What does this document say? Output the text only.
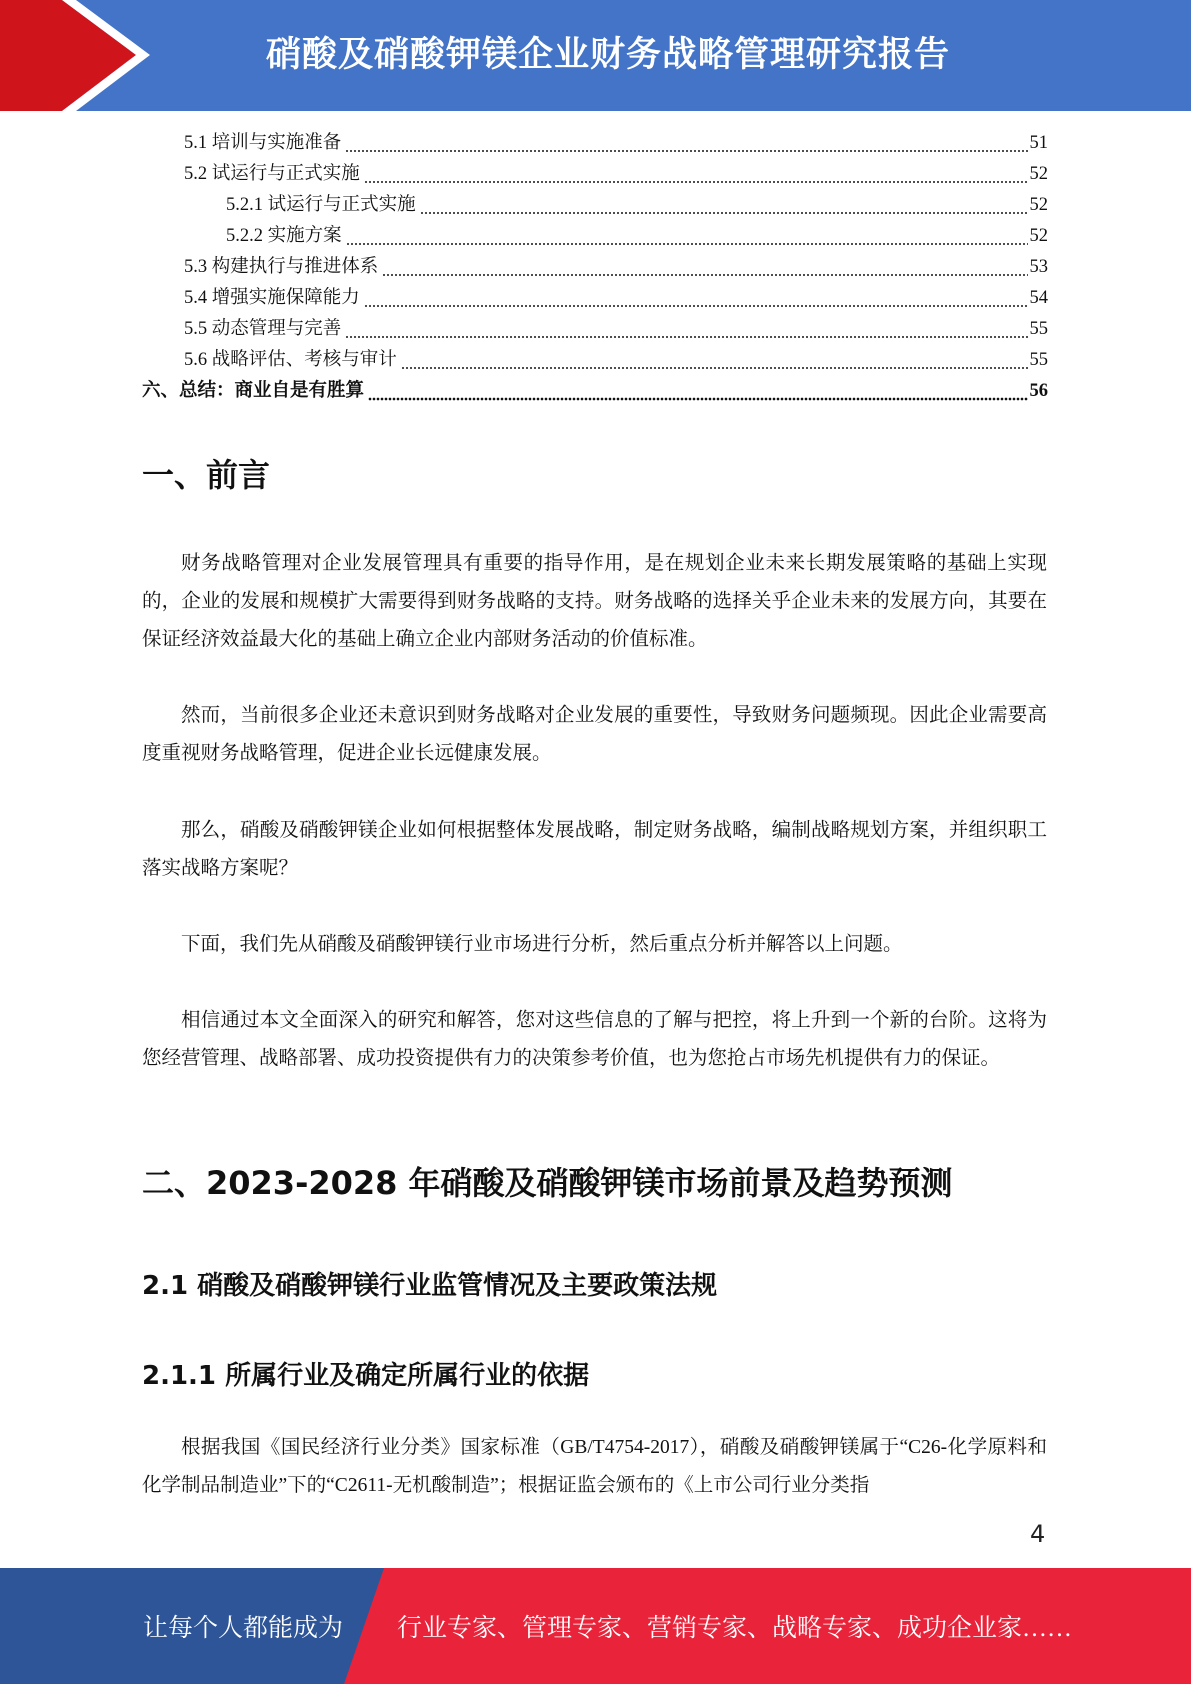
硝酸及硝酸钾镁企业财务战略管理研究报告
5.1 培训与实施准备	51
5.2 试运行与正式实施	52
5.2.1 试运行与正式实施	52
5.2.2 实施方案	52
5.3 构建执行与推进体系	53
5.4 增强实施保障能力	54
5.5 动态管理与完善	55
5.6 战略评估、考核与审计	55
六、总结：商业自是有胜算	56
一、前言
财务战略管理对企业发展管理具有重要的指导作用，是在规划企业未来长期发展策略的基础上实现的，企业的发展和规模扩大需要得到财务战略的支持。财务战略的选择关乎企业未来的发展方向，其要在保证经济效益最大化的基础上确立企业内部财务活动的价值标准。
然而，当前很多企业还未意识到财务战略对企业发展的重要性，导致财务问题频现。因此企业需要高度重视财务战略管理，促进企业长远健康发展。
那么，硝酸及硝酸钾镁企业如何根据整体发展战略，制定财务战略，编制战略规划方案，并组织职工落实战略方案呢？
下面，我们先从硝酸及硝酸钾镁行业市场进行分析，然后重点分析并解答以上问题。
相信通过本文全面深入的研究和解答，您对这些信息的了解与把控，将上升到一个新的台阶。这将为您经营管理、战略部署、成功投资提供有力的决策参考价值，也为您抢占市场先机提供有力的保证。
二、2023-2028 年硝酸及硝酸钾镁市场前景及趋势预测
2.1 硝酸及硝酸钾镁行业监管情况及主要政策法规
2.1.1 所属行业及确定所属行业的依据
根据我国《国民经济行业分类》国家标准（GB/T4754-2017），硝酸及硝酸钾镁属于“C26-化学原料和化学制品制造业”下的“C2611-无机酸制造”；根据证监会颁布的《上市公司行业分类指
4
让每个人都能成为 行业专家、管理专家、营销专家、战略专家、成功企业家……
